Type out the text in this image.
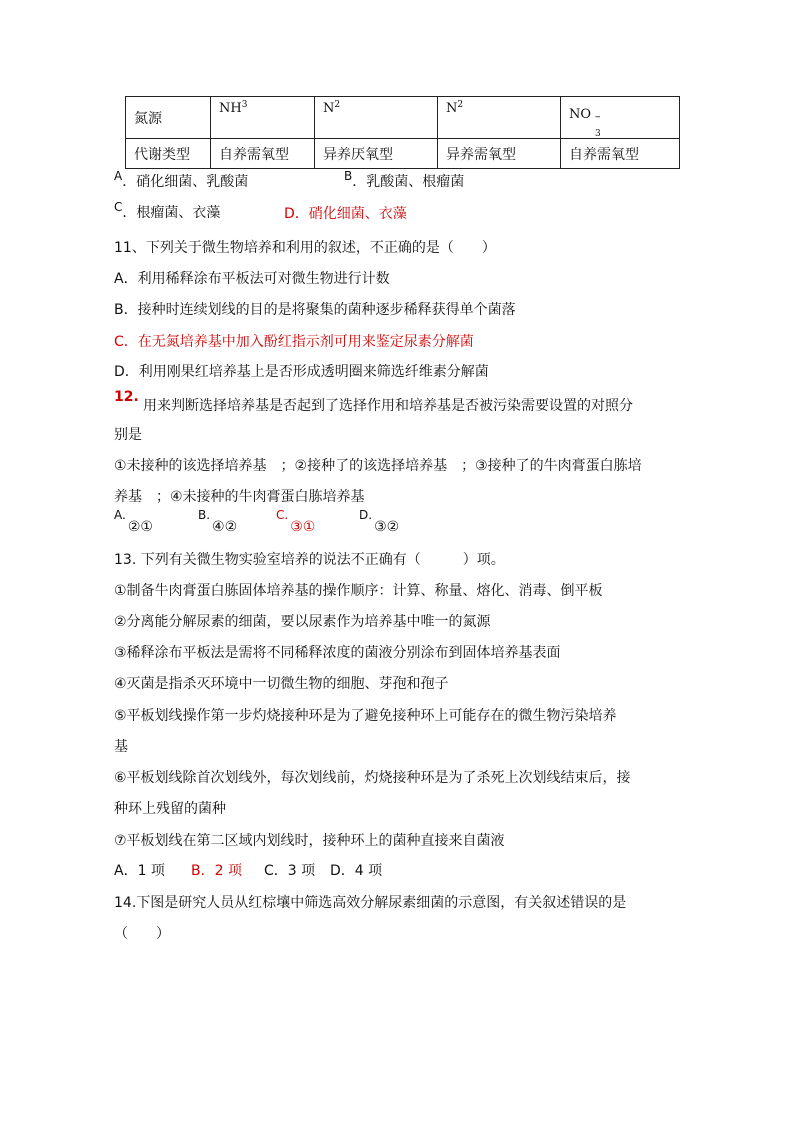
氮源	$NH^3$	$N^2$	$N^2$	NO –
3

代谢类型	自养需氧型	异养厌氧型	异养需氧型	自养需氧型
A．硝化细菌、乳酸菌	B．乳酸菌、根瘤菌
C．根瘤菌、衣藻	D．硝化细菌、衣藻
11、下列关于微生物培养和利用的叙述，不正确的是（　　）
A．利用稀释涂布平板法可对微生物进行计数
B．接种时连续划线的目的是将聚集的菌种逐步稀释获得单个菌落
C．在无氮培养基中加入酚红指示剂可用来鉴定尿素分解菌
D．利用刚果红培养基上是否形成透明圈来筛选纤维素分解菌
12.
用来判断选择培养基是否起到了选择作用和培养基是否被污染需要设置的对照分
别是
①未接种的该选择培养基　；②接种了的该选择培养基　；③接种了的牛肉膏蛋白胨培
养基　；④未接种的牛肉膏蛋白胨培养基
A.②①
B.④②
C.③①
D.③②
13. 下列有关微生物实验室培养的说法不正确有（　　　）项。
①制备牛肉膏蛋白胨固体培养基的操作顺序：计算、称量、熔化、消毒、倒平板
②分离能分解尿素的细菌，要以尿素作为培养基中唯一的氮源
③稀释涂布平板法是需将不同稀释浓度的菌液分别涂布到固体培养基表面
④灭菌是指杀灭环境中一切微生物的细胞、芽孢和孢子
⑤平板划线操作第一步灼烧接种环是为了避免接种环上可能存在的微生物污染培养
基
⑥平板划线除首次划线外，每次划线前，灼烧接种环是为了杀死上次划线结束后，接
种环上残留的菌种
⑦平板划线在第二区域内划线时，接种环上的菌种直接来自菌液
A．1 项 B．2 项 C．3 项 D．4 项
14.下图是研究人员从红棕壤中筛选高效分解尿素细菌的示意图，有关叙述错误的是
（　　）
